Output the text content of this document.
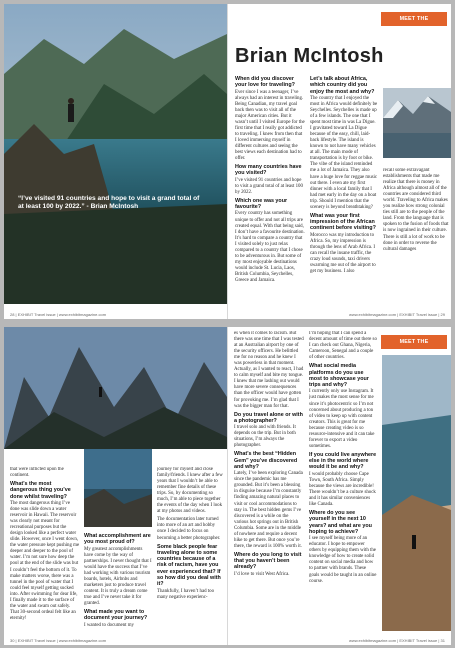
“I’ve visited 91 countries and hope to visit a grand total of at least 100 by 2022.” - Brian McIntosh
28 | EXHIBIT Travel issue | www.exhibitmagazine.com
MEET THE TRAVELLERS
Brian McIntosh
When did you discover your love for traveling?

Ever since I was a teenager, I’ve always had an interest in traveling. Being Canadian, my travel goal back then was to visit all of the major American cities. But it wasn’t until I visited Europe for the first time that I really got addicted to traveling. I knew from then that I loved immersing myself in different cultures and seeing the best views each destination had to offer.

How many countries have you visited?

I’ve visited 91 countries and hope to visit a grand total of at least 100 by 2022.

Which one was your favourite?

Every country has something unique to offer and not all trips are created equal. With that being said, I don’t have a favourite destination. It’s hard to compare a country that I visited solely to just relax compared to a country that I chose to be adventurous in. But some of my most enjoyable destinations would include St. Lucia, Laos, British Columbia, Seychelles, Greece and Jamaica.

Let’s talk about Africa, which country did you enjoy the most and why?

The country that I enjoyed the most in Africa would definitely be Seychelles. Seychelles is made up of a few islands. The one that I spent most time in was La Digue. I gravitated toward La Digue because of the easy, chill, laid-back lifestyle. The island is known to not have many vehicles at all. The main mode of transportation is by foot or bike. The vibe of the island reminded me a lot of Jamaica. They also have a huge love for reggae music out there. I even ate my first dinner with a local family that I had met early in the day on a boat trip. Should I mention that the scenery is beyond breathtaking?

What was your first impression of the African continent before visiting?

Morocco was my introduction to Africa. So, my impression is through the lens of Arab Africa. I can recall the insane traffic, the crazy loud sounds, taxi drivers swarming me out of the airport to get my business. I also

recall some extravagant establishments that made me realize that there is money in Africa although almost all of the countries are considered third world. Traveling to Africa makes you realize how strong colonial ties still are to the people of the land. From the language that is spoken to the fusion of foods that is now ingrained in their culture. There is still a lot of work to be done in order to reverse the cultural damages

www.exhibitmagazine.com | EXHIBIT Travel issue | 29

that were inflicted upon the continent.

What’s the most dangerous thing you’ve done whilst traveling?

The most dangerous thing I’ve done was slide down a water reservoir in Hawaii. The reservoir was clearly not meant for recreational purposes but the design looked like a perfect water slide. However, once I went down, the water pressure kept pushing me deeper and deeper to the pool of water. I’m not sure how deep the pool at the end of the slide was but I couldn’t feel the bottom of it. To make matters worse, there was a tunnel in the pool of water that I could feel myself getting sucked into. After swimming for dear life, I finally made it to the surface of the water and swam out safely. That 30-second ordeal felt like an eternity!

What accomplishment are you most proud of?

My greatest accomplishments have come by the way of partnerships. I never thought that I would have the success that I’ve had working with various tourism boards, hotels, Airbnbs and marketers just to produce travel content. It is truly a dream come true and I’ve never take it for granted.

What made you want to document your journey?

I wanted to document my

journey for myself and close family/friends. I knew after a few years that I wouldn’t be able to remember fine details of these trips. So, by documenting so much, I’m able to piece together the events of the day when I look at my photos and videos.

The documentation later turned into more of an art and hobby once I decided to focus on becoming a better photographer.

Some black people fear traveling alone to some countries because of a risk of racism, have you ever experienced that? If so how did you deal with it?

Thankfully, I haven’t had too many negative experienc-

30 | EXHIBIT Travel issue | www.exhibitmagazine.com
MEET THE

es when it comes to racism. But there was one time that I was tested at an Australian airport by one of the security officers. He belittled me for no reason and he knew I was powerless in that moment. Actually, as I wanted to react, I had to calm myself and bite my tongue. I knew that me lashing out would have more severe consequences than the officer would have gotten for provoking me. I’m glad that I was the bigger man for that.

Do you travel alone or with a photographer?

I travel solo and with friends. It depends on the trip. But in both situations, I’m always the photographer.

What’s the best “Hidden Gem” you’ve discovered and why?

Lately, I’ve been exploring Canada since the pandemic has me grounded. But it’s been a blessing in disguise because I’m constantly finding amazing natural places to visit or cool accommodations to stay in. The best hidden gems I’ve discovered is a while on the various hot springs out in British Columbia. Some are in the middle of nowhere and require a decent hike to get there. But once you’re there, the reward is 100% worth it.

Where do you long to visit that you haven’t been already?

I’d love to visit West Africa.

I’m hoping that I can spend a decent amount of time out there so I can check out Ghana, Nigeria, Cameroon, Senegal and a couple of other countries.

What social media platforms do you use most to showcase your trips and why?

I currently only use Instagram. It just makes the most sense for me since it’s photocentric so I’m not concerned about producing a ton of video to keep up with content creators. This is great for me because creating video is so resource-intensive and it can take forever to export a video sometimes.

If you could live anywhere else in the world where would it be and why?

I would probably choose Cape Town, South Africa. Simply because the views are incredible! There wouldn’t be a culture shock and it has similar conveniences like Canada.

Where do you see yourself in the next 10 years? and what are you hoping to achieve?

I see myself being more of an educator. I hope to empower others by equipping them with the knowledge of how to create solid content on social media and how to partner with brands. These goals would be taught in an online course.

www.exhibitmagazine.com | EXHIBIT Travel issue | 31
